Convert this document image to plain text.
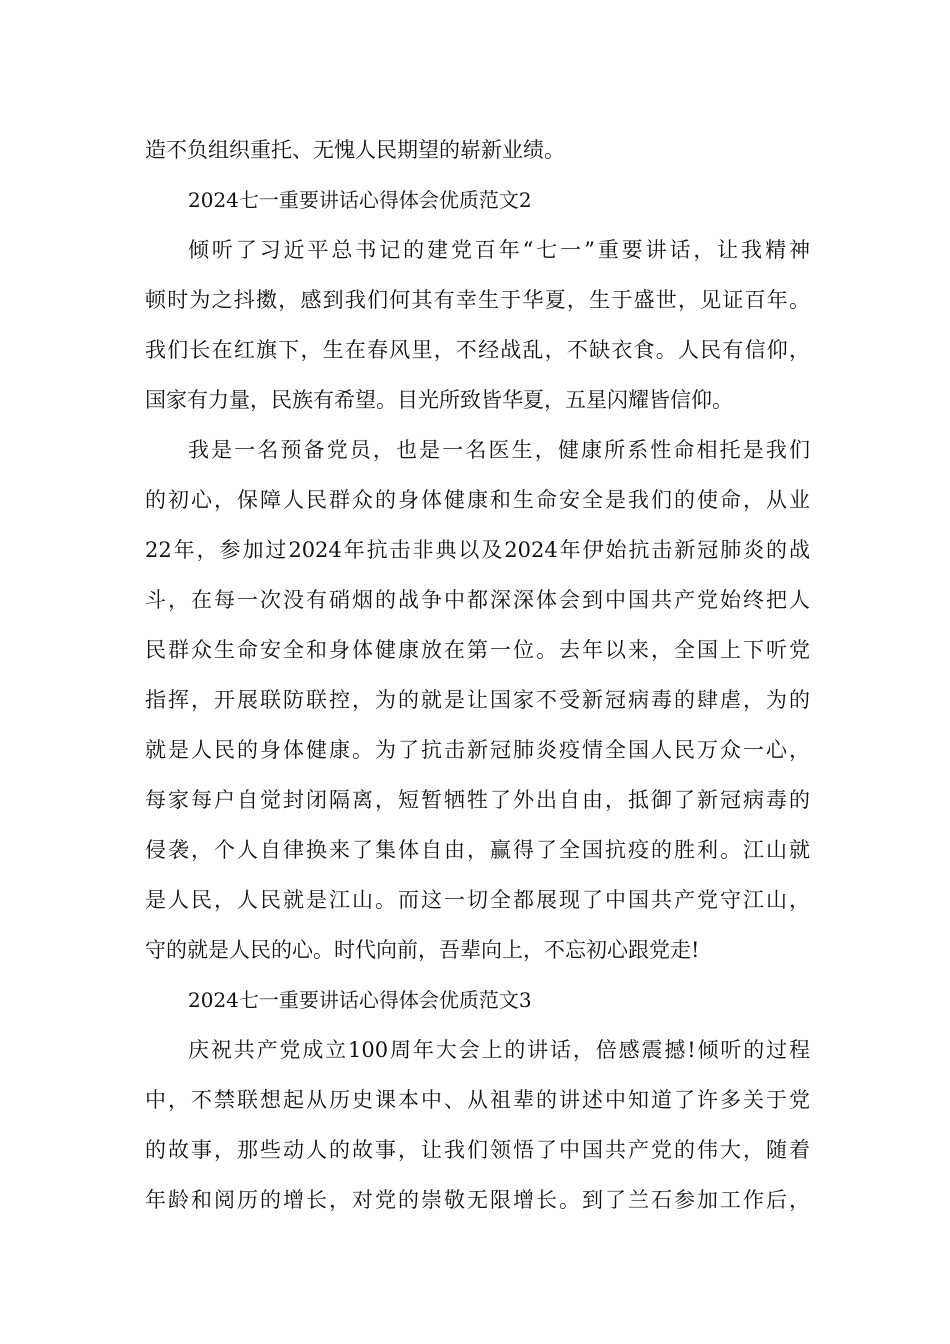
造不负组织重托、无愧人民期望的崭新业绩。
2024七一重要讲话心得体会优质范文2
倾听了习近平总书记的建党百年“七一”重要讲话，让我精神
顿时为之抖擞，感到我们何其有幸生于华夏，生于盛世，见证百年。
我们长在红旗下，生在春风里，不经战乱，不缺衣食。人民有信仰，
国家有力量，民族有希望。目光所致皆华夏，五星闪耀皆信仰。
我是一名预备党员，也是一名医生，健康所系性命相托是我们
的初心，保障人民群众的身体健康和生命安全是我们的使命，从业
22年，参加过2024年抗击非典以及2024年伊始抗击新冠肺炎的战
斗，在每一次没有硝烟的战争中都深深体会到中国共产党始终把人
民群众生命安全和身体健康放在第一位。去年以来，全国上下听党
指挥，开展联防联控，为的就是让国家不受新冠病毒的肆虐，为的
就是人民的身体健康。为了抗击新冠肺炎疫情全国人民万众一心，
每家每户自觉封闭隔离，短暂牺牲了外出自由，抵御了新冠病毒的
侵袭，个人自律换来了集体自由，赢得了全国抗疫的胜利。江山就
是人民，人民就是江山。而这一切全都展现了中国共产党守江山，
守的就是人民的心。时代向前，吾辈向上，不忘初心跟党走!
2024七一重要讲话心得体会优质范文3
庆祝共产党成立100周年大会上的讲话，倍感震撼!倾听的过程
中，不禁联想起从历史课本中、从祖辈的讲述中知道了许多关于党
的故事，那些动人的故事，让我们领悟了中国共产党的伟大，随着
年龄和阅历的增长，对党的崇敬无限增长。到了兰石参加工作后，
